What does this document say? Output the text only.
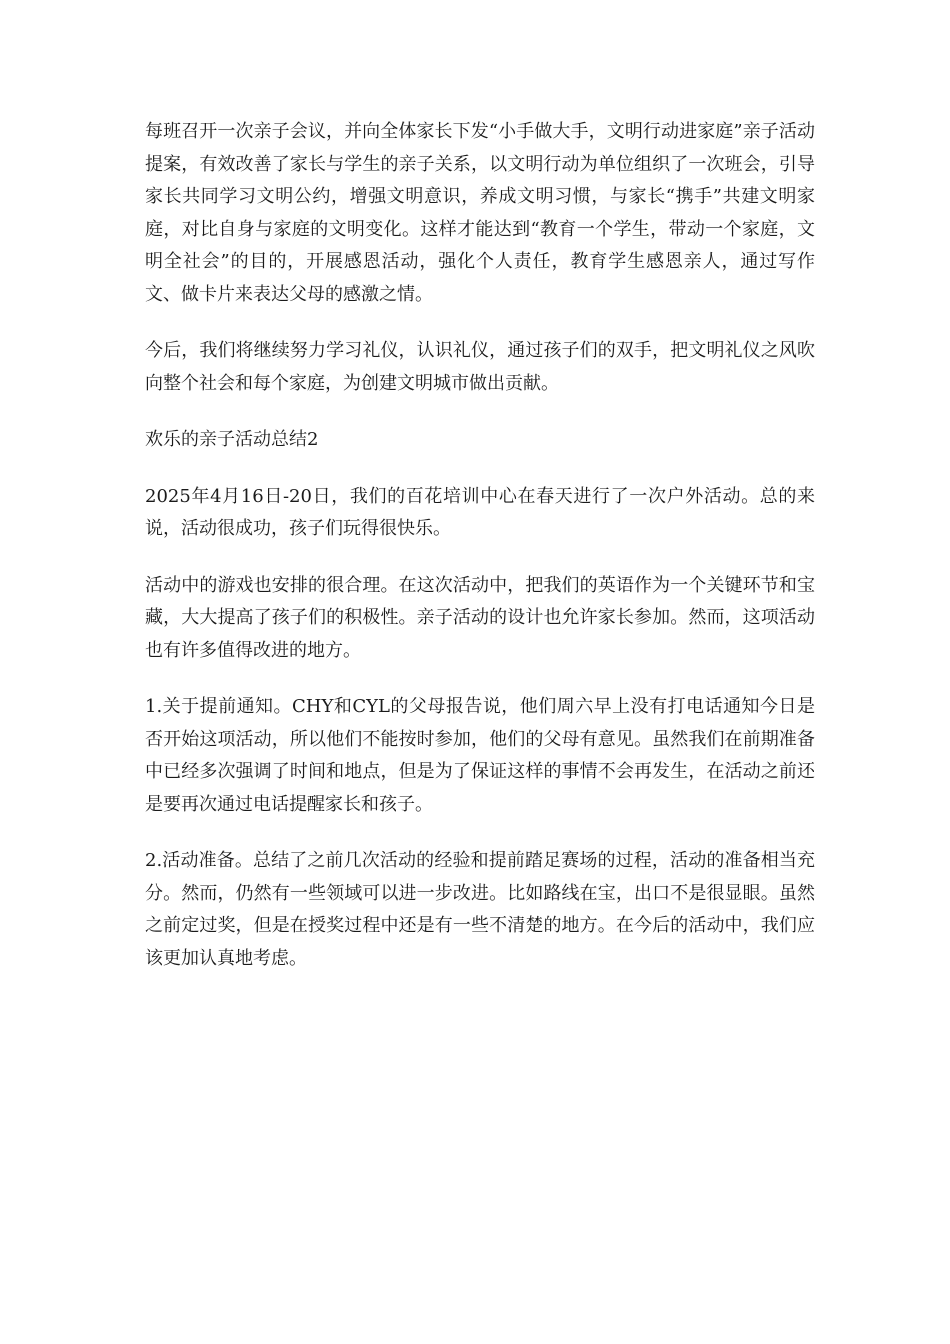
每班召开一次亲子会议，并向全体家长下发“小手做大手，文明行动进家庭”亲子活动提案，有效改善了家长与学生的亲子关系，以文明行动为单位组织了一次班会，引导家长共同学习文明公约，增强文明意识，养成文明习惯，与家长“携手”共建文明家庭，对比自身与家庭的文明变化。这样才能达到“教育一个学生，带动一个家庭，文明全社会”的目的，开展感恩活动，强化个人责任，教育学生感恩亲人，通过写作文、做卡片来表达父母的感激之情。

今后，我们将继续努力学习礼仪，认识礼仪，通过孩子们的双手，把文明礼仪之风吹向整个社会和每个家庭，为创建文明城市做出贡献。

欢乐的亲子活动总结2

2025年4月16日-20日，我们的百花培训中心在春天进行了一次户外活动。总的来说，活动很成功，孩子们玩得很快乐。

活动中的游戏也安排的很合理。在这次活动中，把我们的英语作为一个关键环节和宝藏，大大提高了孩子们的积极性。亲子活动的设计也允许家长参加。然而，这项活动也有许多值得改进的地方。

1.关于提前通知。CHY和CYL的父母报告说，他们周六早上没有打电话通知今日是否开始这项活动，所以他们不能按时参加，他们的父母有意见。虽然我们在前期准备中已经多次强调了时间和地点，但是为了保证这样的事情不会再发生，在活动之前还是要再次通过电话提醒家长和孩子。

2.活动准备。总结了之前几次活动的经验和提前踏足赛场的过程，活动的准备相当充分。然而，仍然有一些领域可以进一步改进。比如路线在宝，出口不是很显眼。虽然之前定过奖，但是在授奖过程中还是有一些不清楚的地方。在今后的活动中，我们应该更加认真地考虑。
